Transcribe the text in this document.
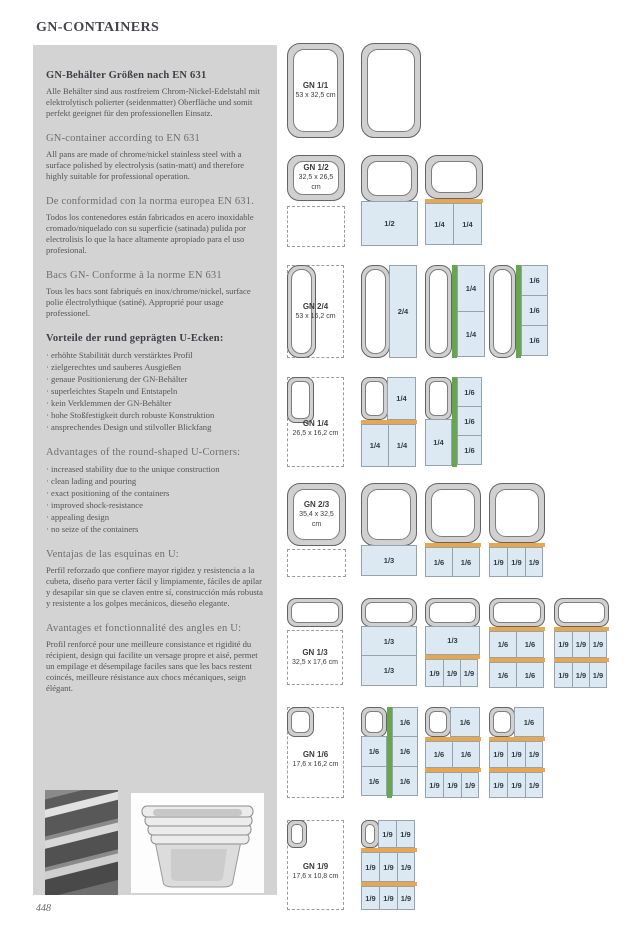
GN-CONTAINERS
GN-Behälter Größen nach EN 631

Alle Behälter sind aus rostfreiem Chrom-Nickel-Edelstahl mit elektrolytisch polierter (seidenmatter) Oberfläche und somit perfekt geeignet für den professionellen Einsatz.

GN-container according to EN 631

All pans are made of chrome/nickel stainless steel with a surface polished by electrolysis (satin-matt) and therefore highly suitable for professional operation.

De conformidad con la norma europea EN 631.

Todos los contenedores están fabricados en acero inoxidable cromado/niquelado con su superficie (satinada) pulida por electrolisis lo que la hace altamente apropiado para el uso profesional.

Bacs GN- Conforme à la norme EN 631

Tous les bacs sont fabriqués en inox/chrome/nickel, surface polie électrolythique (satiné). Approprié pour usage professionel.

Vorteile der rund geprägten U-Ecken:
· erhöhte Stabilität durch verstärktes Profil
· zielgerechtes und sauberes Ausgießen
· genaue Positionierung der GN-Behälter
· superleichtes Stapeln und Entstapeln
· kein Verklemmen der GN-Behälter
· hohe Stoßfestigkeit durch robuste Konstruktion
· ansprechendes Design und stilvoller Blickfang
Advantages of the round-shaped U-Corners:
· increased stability due to the unique construction
· clean lading and pouring
· exact positioning of the containers
· improved shock-resistance
· appealing design
· no seize of the containers
Ventajas de las esquinas en U:

Perfil reforzado que confiere mayor rigidez y resistencia a la cubeta, diseño para verter fácil y limpiamente, fáciles de apilar y desapilar sin que se claven entre sí, construcción más robusta y resistente a los golpes mecánicos, dieseño elegante.

Avantages et fonctionnalité des angles en U:

Profil renforcé pour une meilleure consistance et rigidité du récipient, design qui facilite un versage propre et aisé, permet un empilage et désempilage faciles sans que les bacs restent coincés, meilleure résistance aux chocs mécaniques, seign élégant.

GN 1/1
53 x 32,5 cm
GN 1/2
32,5 x 26,5 cm
1/2	1/4	1/4
GN 2/4
53 x 16,2 cm	2/4
1/4
1/4
1/6
1/6
1/6
GN 1/4
26,5 x 16,2 cm
1/4
1/4	1/4	1/4
1/6
1/6
1/6
GN 2/3
35,4 x 32,5 cm
1/3	1/6	1/6	1/9	1/9 1/9
GN 1/3
32,5 x 17,6 cm
1/3
1/3
1/3
1/9 1/9 1/9
1/6	1/6
1/6	1/6
1/9 1/9 1/9
1/9 1/9 1/9
GN 1/6
17,6 x 16,2 cm
1/6
1/6
1/6
1/6
1/6
1/6
1/6	1/6
1/9	1/9 1/9
1/6
1/9	1/9 1/9
1/9	1/9 1/9
GN 1/9
17,6 x 10,8 cm
1/9	1/9
1/9	1/9 1/9
1/9	1/9 1/9
448
